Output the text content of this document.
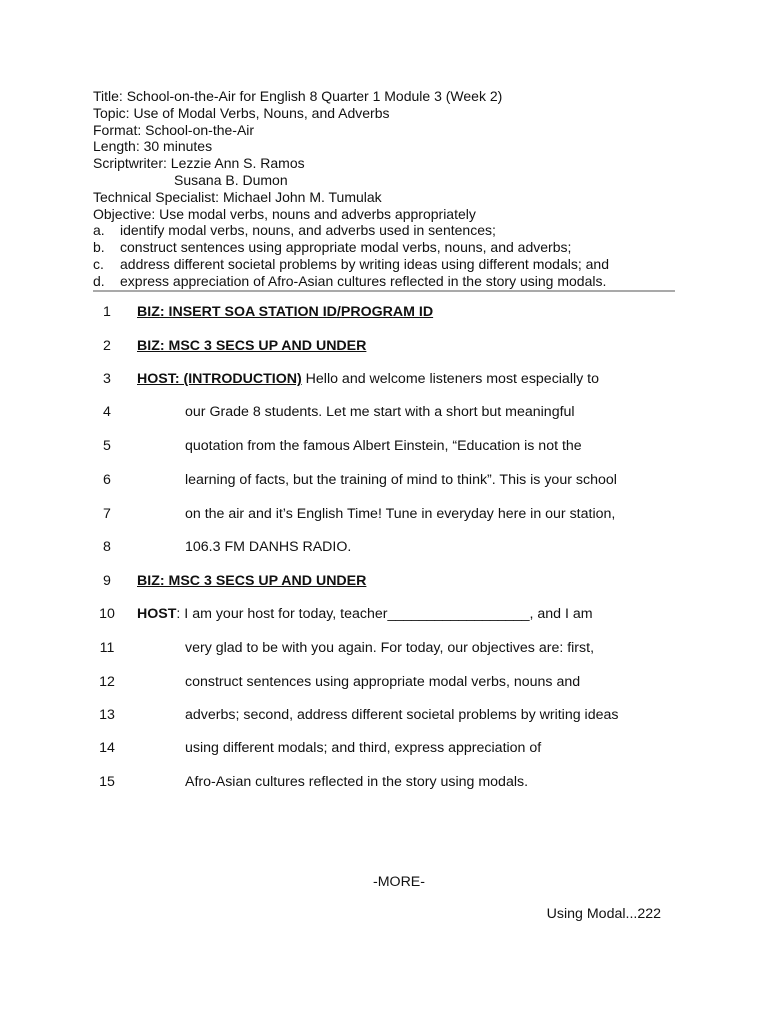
Title: School-on-the-Air for English 8 Quarter 1 Module 3 (Week 2)
Topic: Use of Modal Verbs, Nouns, and Adverbs
Format: School-on-the-Air
Length: 30 minutes
Scriptwriter: Lezzie Ann S. Ramos
Susana B. Dumon
Technical Specialist: Michael John M. Tumulak
Objective: Use modal verbs, nouns and adverbs appropriately
a.	identify modal verbs, nouns, and adverbs used in sentences;
b.	construct sentences using appropriate modal verbs, nouns, and adverbs;
c.	address different societal problems by writing ideas using different modals; and
d.	express appreciation of Afro-Asian cultures reflected in the story using modals.
1	BIZ: INSERT SOA STATION ID/PROGRAM ID
2	BIZ: MSC 3 SECS UP AND UNDER
3	HOST: (INTRODUCTION) Hello and welcome listeners most especially to
4	our Grade 8 students. Let me start with a short but meaningful
5	quotation from the famous Albert Einstein, “Education is not the
6	learning of facts, but the training of mind to think”. This is your school
7	on the air and it’s English Time! Tune in everyday here in our station,
8	106.3 FM DANHS RADIO.
9	BIZ: MSC 3 SECS UP AND UNDER
10	HOST: I am your host for today, teacher__________________, and I am
11	very glad to be with you again. For today, our objectives are: first,
12	construct sentences using appropriate modal verbs, nouns and
13	adverbs; second, address different societal problems by writing ideas
14	using different modals; and third, express appreciation of
15	Afro-Asian cultures reflected in the story using modals.
-MORE-
Using Modal...222
